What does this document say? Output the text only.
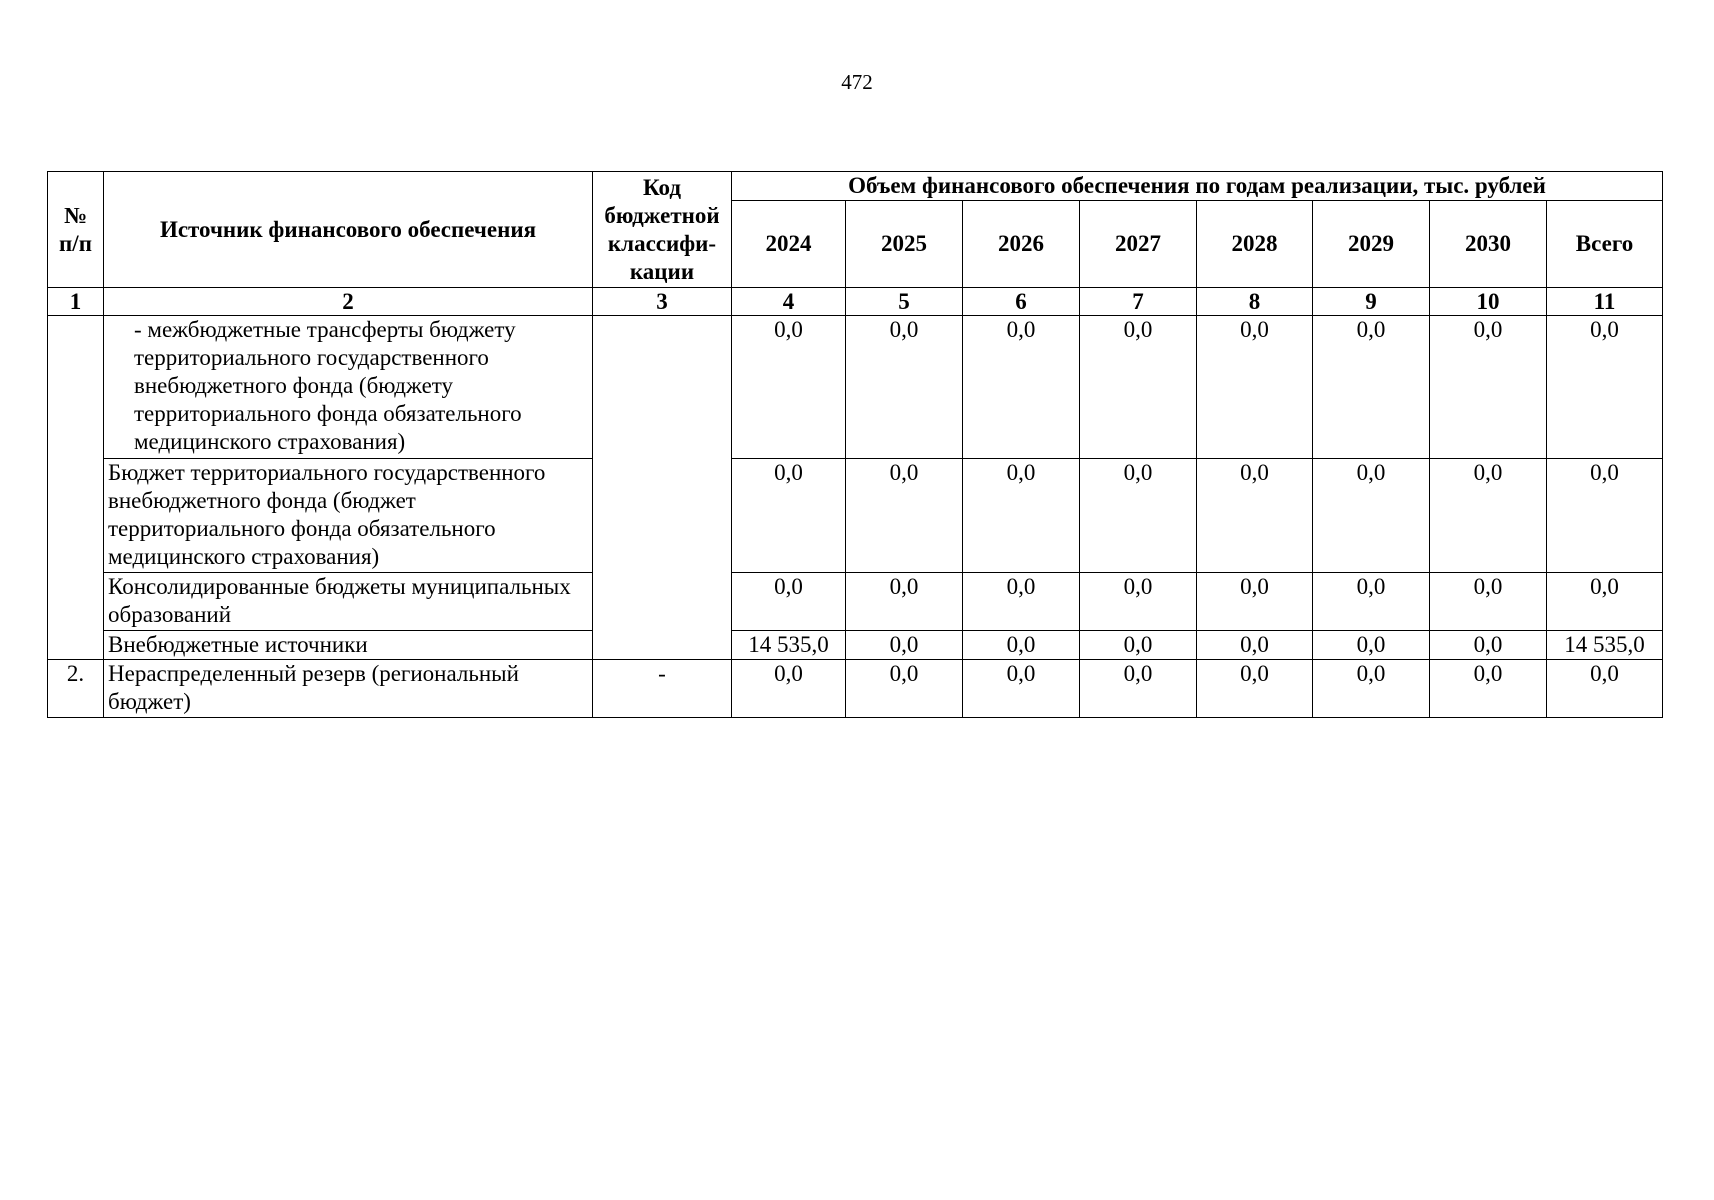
472
№ п/п	Источник финансового обеспечения	Код бюджетной классифи-кации	Объем финансового обеспечения по годам реализации, тыс. рублей							
			2024	2025	2026	2027	2028	2029	2030	Всего
1	2	3	4	5	6	7	8	9	10	11
	- межбюджетные трансферты бюджету территориального государственного внебюджетного фонда (бюджету территориального фонда обязательного медицинского страхования)		0,0	0,0	0,0	0,0	0,0	0,0	0,0	0,0
	Бюджет территориального государственного внебюджетного фонда (бюджет территориального фонда обязательного медицинского страхования)		0,0	0,0	0,0	0,0	0,0	0,0	0,0	0,0
	Консолидированные бюджеты муниципальных образований		0,0	0,0	0,0	0,0	0,0	0,0	0,0	0,0
	Внебюджетные источники		14 535,0	0,0	0,0	0,0	0,0	0,0	0,0	14 535,0
2.	Нераспределенный резерв (региональный бюджет)	-	0,0	0,0	0,0	0,0	0,0	0,0	0,0	0,0
